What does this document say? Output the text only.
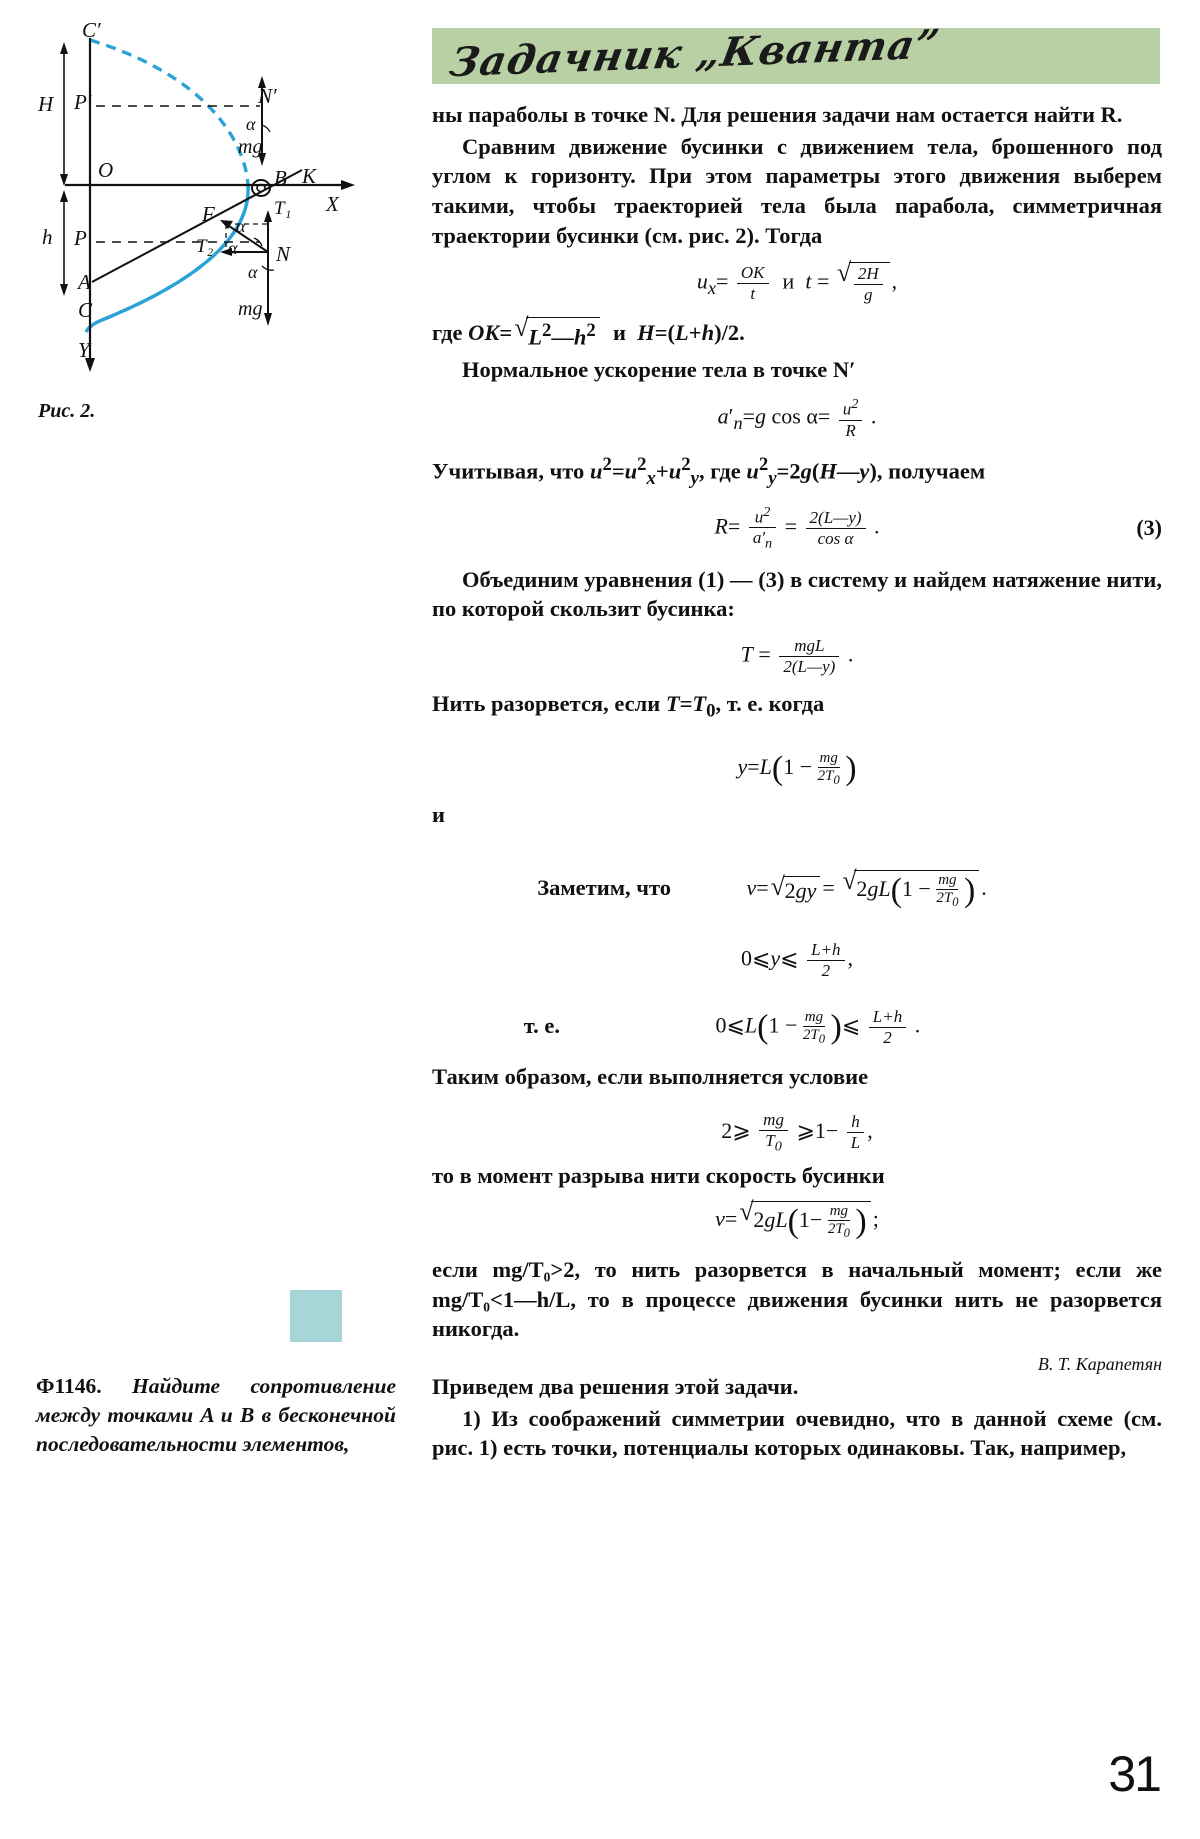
Задачник „Кванта”
C′
P′
H
h
O
P
A
C
Y
X
N′
N
B K
F	T₁
T₂
mg
mg
α
α
α
α
Рис. 2.

ны параболы в точке N. Для решения задачи нам остается найти R.

Сравним движение бусинки с движением тела, брошенного под углом к горизонту. При этом параметры этого движения выберем такими, чтобы траекторией тела была парабола, симметричная траектории бусинки (см. рис. 2). Тогда

$u_x= \frac{OK}{t}$ и  t = √ $\frac{2H}{g}$ ,

где OK= √ $L^2—h^2$  и  H=(L+h)/2.

Нормальное ускорение тела в точке N′

$a'_n=g$ $\cos \alpha= \frac{u^2}{R}$ .

Учитывая, что $u^2=u^2_x+u^2_y$, где $u^2_y=2g(H—y)$, получаем

$R= \frac{u^2}{a'_n} = \frac{2(L—y)}{\text{cos α}}$ .	(3)

Объединим уравнения (1) — (3) в систему и найдем натяжение нити, по которой скользит бусинка:

$T = \frac{\text{mgL}}{2(L—y)}$ .

Нить разорвется, если $T=T_0$, т. е. когда

$y=L(1 - \frac{mg}{2T_0}$ )

и

Заметим, что	v= √ 2gy = √ $2gL(1 - \frac{mg}{2T_0}$ ) .
0⩽y⩽ $\frac{L+h}{2}$ ,
т. е.	0⩽L(1 − $\frac{mg}{2T_0}$ )⩽ $\frac{L+h}{2}$ .

Таким образом, если выполняется условие

2⩾ $\frac{mg}{T_0}$ ⩾1− $\frac{h}{L}$ ,

то в момент разрыва нити скорость бусинки

v= √ $2gL(1- \frac{mg}{2T_0}$ ) ;

если mg/T₀>2, то нить разорвется в начальный момент; если же mg/T₀<1—h/L, то в процессе движения бусинки нить не разорвется никогда.

В. Т. Карапетян
Ф1146. Найдите сопротивление между точками A и B в бесконечной последовательности элементов,

Приведем два решения этой задачи.

1) Из соображений симметрии очевидно, что в данной схеме (см. рис. 1) есть точки, потенциалы которых одинаковы. Так, например,

31
